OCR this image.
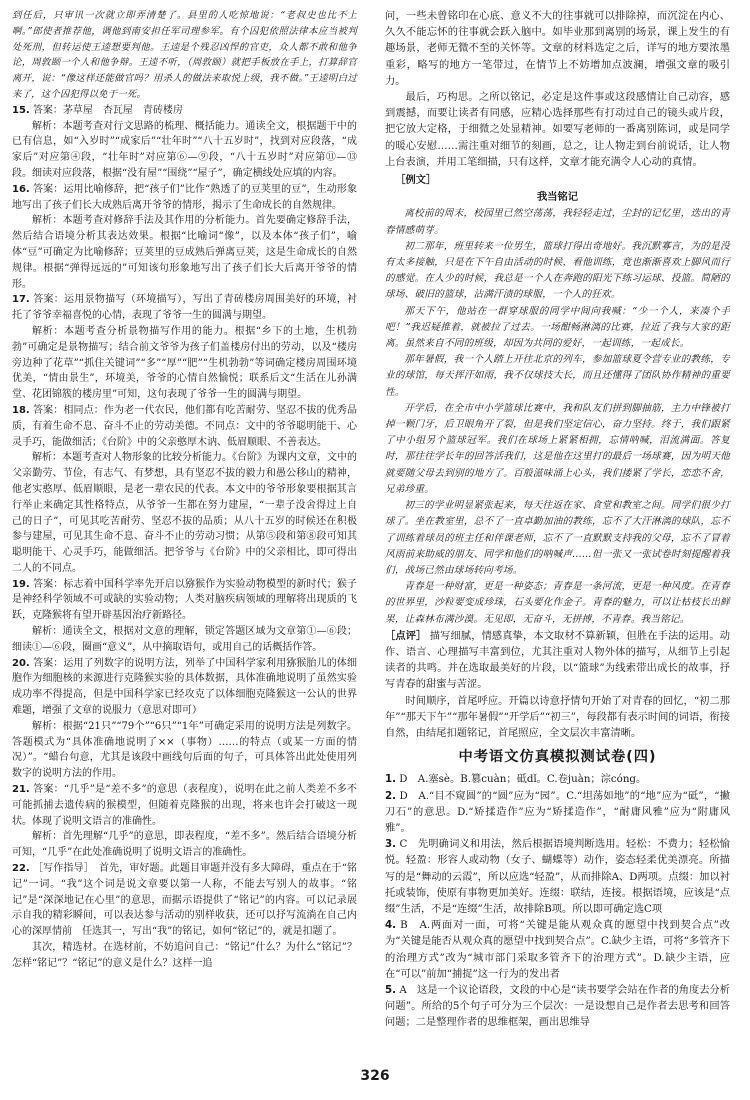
到任后，只审讯一次就立即弄清楚了。县里的人吃惊地说：“老叔史也比不上啊。”郎使者推荐他，调他到南安担任军司理参军。有个囚犯依照法律本应当被判处死刑，但转运使王逵想要判他。王逵是个残忍凶悍的官吏，众人都不敢和他争论，周敦颐一个人和他争辩。王逵不听，（周敦颐）就把手板放在手上，打算辞官离开，说：“像这样还能做官吗？用杀人的做法来取悦上级，我不做。”王逵明白过来了，这个囚犯得以免于一死。

15. 答案：茅草屋　杏瓦屋　青砖楼房

解析：本题考查对行文思路的梳理、概括能力。通读全文，根据题干中的已有信息，如“入岁时”“成家后”“壮年时”“八十五岁时”，找到对应段落，“成家后”对应第④段，“壮年时”对应第⑥—⑨段，“八十五岁时”对应第⑪—⑬段。细读对应段落，根据“没有屋”“围绕”“屋子”，确定横线处应填的内容。

16. 答案：运用比喻修辞，把“孩子们”比作“熟透了的豆荚里的豆”，生动形象地写出了孩子们长大成熟后离开爷爷的情形，揭示了生命成长的自然规律。

解析：本题考查对修辞手法及其作用的分析能力。首先要确定修辞手法，然后结合语境分析其表达效果。根据“比喻词“像”，以及本体“孩子们”，喻体“豆”可确定为比喻修辞；豆荚里的豆成熟后弹离豆荚，这是生命成长的自然规律。根据“弹得远远的”可知该句形象地写出了孩子们长大后离开爷爷的情形。

17. 答案：运用景物描写（环境描写），写出了青砖楼房周围美好的环境，衬托了爷爷幸福喜悦的心情，表现了爷爷一生的圆满与期望。

解析：本题考查分析景物描写作用的能力。根据“乡下的土地，生机勃勃”可确定是景物描写；结合前文爷爷为孩子们盖楼房付出的劳动，以及“楼房旁边种了花草”“抓住关键词”“多”“厚”“肥”“生机勃勃”等词确定楼房周围环境优美，“情由景生”，环境美，爷爷的心情自然愉悦；联系后文“生活在儿孙满堂、花团锦簇的楼房里”可知，这句表现了爷爷一生的圆满与期望。

18. 答案：相同点：作为老一代农民，他们都有吃苦耐劳、坚忍不拔的优秀品质，有着生命不息、奋斗不止的劳动美德。不同点：文中的爷爷聪明能干、心灵手巧，能做细活；《台阶》中的父亲憨厚木讷、低眉顺眼、不善表达。

解析：本题考查对人物形象的比较分析能力。《台阶》为课内文章，文中的父亲勤劳、节俭，有志气、有梦想，具有坚忍不拔的毅力和愚公移山的精神，他老实憨厚、低眉顺眼，是老一辈农民的代表。本文中的爷爷形象要根据其言行举止来确定其性格特点，从爷爷一生都在努力建屋，“一辈子没舍得过上自己的日子”，可见其吃苦耐劳、坚忍不拔的品质；从八十五岁的时候还在积极参与建屋，可见其生命不息、奋斗不止的劳动习惯；从第⑤段和第⑧段可知其聪明能干、心灵手巧，能做细活。把爷爷与《台阶》中的父亲相比，即可得出二人的不同点。

19. 答案：标志着中国科学率先开启以猕猴作为实验动物模型的新时代；猴子是神经科学领域不可或缺的实验动物；人类对脑疾病领域的理解将出现质的飞跃，克隆猴将有望开辟基因治疗新路径。

解析：通读全文，根据对文意的理解，锁定答题区域为文章第①—⑥段；细读①—⑥段，圈画“意义”，从中摘取语句，或用自己的话概括作答。

20. 答案：运用了列数字的说明方法，列举了中国科学家利用猕猴胎儿的体细胞作为细胞核的来源进行克隆猴实验的具体数据，具体准确地说明了虽然实验成功率不得提高，但是中国科学家已经攻克了以体细胞克隆猴这一公认的世界难题，增强了文章的说服力（意思对即可）

解析：根据“21只”“79个”“6只”“1年”可确定采用的说明方法是列数字。答题模式为“具体准确地说明了××（事物）……的特点（或某一方面的情况）”。“蜡台句意，尤其是该段中画线句后面的句子，可具体答出此处使用列数字的说明方法的作用。

21. 答案：“几乎”是“差不多”的意思（表程度），说明在此之前人类差不多不可能抓捕去遗传病的猴模型，但随着克隆猴的出现，将来也许会打破这一现状。体现了说明文语言的准确性。

解析：首先理解“几乎”的意思，即表程度，“差不多”。然后结合语境分析可知，“几乎”在此处准确说明了说明文语言的准确性。

22. ［写作指导］　首先，审好题。此题目审题并没有多大障碍，重点在于“铭记”一词。“我”这个词是说文章要以第一人称，不能去写别人的故事。“铭记”是“深深地记在心里”的意思，而据示语提供了“铭记”的内容。可以记录展示自我的精彩瞬间，可以表达参与活动的别样收获，还可以抒写流淌在自己内心的深厚情前　任选其一，写出“我”的铭记，如何“铭记”的，就是扣题了。

其次，精选材。在选材前，不妨追问自己：“铭记”什么？为什么“铭记”？怎样“铭记”？“铭记”的意义是什么？这样一追

问，一些未曾铭印在心底、意义不大的往事就可以排除掉，而沉淀在内心、久久不能忘怀的往事就会跃入脑中。如毕业那到离别的场景，课上发生的有趣场景，老师无微不至的关怀等。文章的材料选定之后，详写的地方要浓墨重彩，略写的地方一笔带过，在情节上不妨增加点波澜，增强文章的吸引力。

最后，巧构思。之所以铭记，必定是这件事或这段感情让自己动容，感到震撼，而要让读者有同感，应精心选择那些有打动过自己的镜头或片段，把它放大定格，于细微之处显精神。如要写老师的一番离别陈词，或是同学的暖心安慰……需注重对细节的刻画，总之，让人物走到台前说话，让人物上台表演，并用工笔细描，只有这样，文章才能充满令人心动的真情。

［例文］

我当铭记

离校前的周末，校园里已然空荡荡，我轻轻走过，尘封的记忆里，迭出的青春情感萌芽。

初二那年，班里转来一位男生，篮球打得出奇地好。我沉默寡言，为的是没有太多接触，只是在下午自由活动的时候，看他训练，竟也渐渐喜欢上脚风而行的感觉。在人少的时候，我总是一个人在奔跑的阳光下练习运球、投篮。简陋的球场、破旧的篮球，沾满汗渍的球服，一个人的狂欢。

那天下午，他站在一群穿球服的同学中间向我喊：“少一个人，来凑个手吧！”我迟疑推着，就被拉了过去。一场酣畅淋漓的比赛，拉近了我与大家的距离。虽然来自不同的班级，却因为共同的爱好，一起训练，一起成长。

那年暑假，我一个人踏上开往北京的列车，参加篮球夏令营专业的教练，专业的球馆，每天挥汗如雨，我不仅球技大长，而且还懂得了团队协作精神的重要性。

开学后，在全市中小学篮球比赛中，我和队友们拼到脚抽筋，主力中锋被打掉一颗门牙，后卫眼角开了裂，但是我们坚定信心，奋力坚持。终于，我们跟紧了中小组另个篮球冠军。我们在球场上紧紧相拥，忘情呐喊，泪流满面。答复时，那往往学长年的回答活我们，这是他在这里打的最后一场球赛，因为明天他就要随父母去到别的地方了。百般滋味涌上心头，我们搂紧了学长，恋恋不舍，兄弟珍重。

初三的学业明显紧张起来，每天往返在家、食堂和教室之间。同学们很少打球了。坐在教室里，总不了一直卓勤加油的教练，忘不了大汗淋漓的球队，忘不了训练着球员的班主任和伴课老师，忘不了一直默默支持我的父母，忘不了冒着风雨前来助威的朋友、同学和他们的呐喊声……但一张又一张试卷时刻提醒着我们，战场已然由球场转向考场。

青春是一种财富，更是一种姿态；青春是一条河流，更是一种风度。在青春的世界里，沙粒要变成珍珠，石头要化作金子。青春的魅力，可以让枯枝长出鲜果，让森林布满沙漠。无见即，无奋斗，无拼搏，不青春。我当铭记。

［点评］ 描写细腻，情感真挚，本文取材不算新颖，但胜在手法的运用。动作、语言、心理描写丰富到位，尤其注重对人物外体的描写，从细节上引起读者的共鸣。并在选取最美好的片段，以“篮球”为线索带出成长的故事，抒写青春的甜蜜与苦涩。

时间顺序，首尾呼应。开篇以诗意抒情句开始了对青春的回忆，“初二那年”“那天下午”“那年暑假”“开学后”“初三”，每段都有表示时间的词语，衔接自然，由结尾扣题铭记，首尾照应，全文层次丰富清晰。

中考语文仿真模拟测试卷(四)

1. D　A.塞sè。B.篡cuàn；砥dǐ。C.卷juàn；淙cóng。

2. D　A.“目不窥圆”的“圆”应为“园”。C.“坦荡如地”的“地”应为“砥”，“撇刀石”的意思。D.“矫揉造作”应为“矫揉造作”，“耐庸风雅”应为“附庸风雅”。

3. C　先明确词义和用法，然后根据语境判断选用。轻松：不费力；轻松愉悦。轻盈：形容人或动物（女子、蝴蝶等）动作，姿态轻柔优美漂亮。所描写的是“舞动的云霞”，所以应选“轻盈”，从而排除A、D两项。点缀：加以衬托或装饰，使原有事物更加美好。连缀：联结，连接。根据语境，应该是“点缀”生活，不是“连缀”生活，故排除B项。所以即可确定选C项

4. B　A.两面对一面，可将“关键是能从观众真的愿望中找到契合点”改为“关键是能否从观众真的愿望中找到契合点”。C.缺少主语，可将“多管齐下的治理方式”改为“城市部门采取多管齐下的治理方式”。D.缺少主语，应在“可以”前加“捕捉”这一行为的发出者

5. A　这是一个议论语段，文段的中心是“读书要学会站在作者的角度去分析问题”。所给的5个句子可分为三个层次：一是设想自己是作者去思考和回答问题；二是整理作者的思维框架，画出思维导

326
